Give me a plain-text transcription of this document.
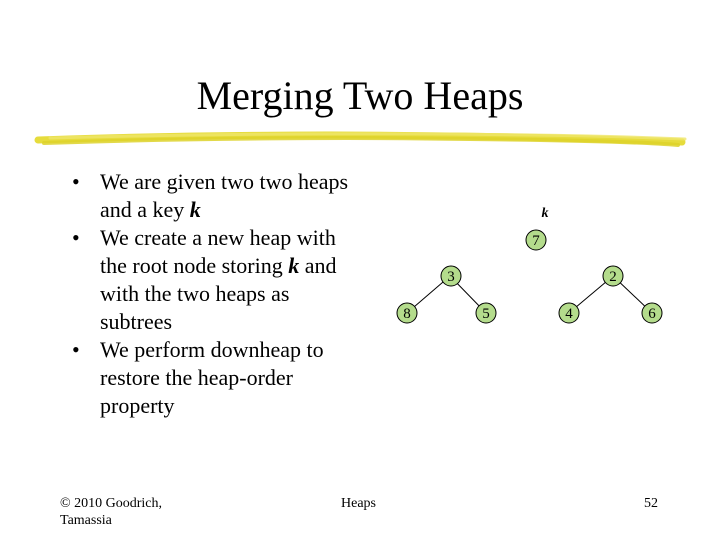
Merging Two Heaps

•
We are given two two heaps and a key k

•
We create a new heap with the root node storing k and with the two heaps as subtrees

•
We perform downheap to restore the heap-order property

k
7
3	2
8	5	4	6
© 2010 Goodrich,
Tamassia
Heaps	52
